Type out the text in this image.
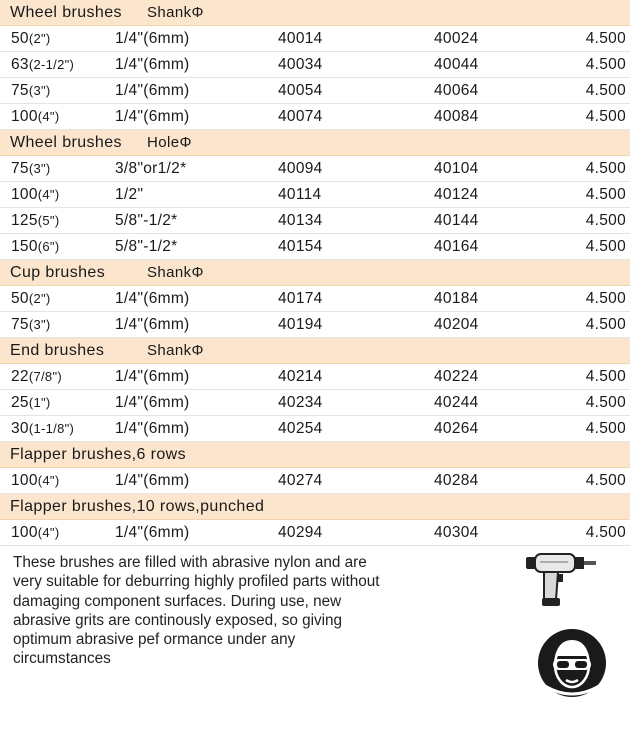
Wheel brushes ShankΦ
50(2")	1/4"(6mm)	40014	40024	4.500
63(2-1/2")	1/4"(6mm)	40034	40044	4.500
75(3")	1/4"(6mm)	40054	40064	4.500
100(4")	1/4"(6mm)	40074	40084	4.500
Wheel brushes HoleΦ
75(3")	3/8"or1/2*	40094	40104	4.500
100(4")	1/2"	40114	40124	4.500
125(5")	5/8"-1/2*	40134	40144	4.500
150(6")	5/8"-1/2*	40154	40164	4.500
Cup brushes	ShankΦ
50(2")	1/4"(6mm)	40174	40184	4.500
75(3")	1/4"(6mm)	40194	40204	4.500
End brushes	ShankΦ
22(7/8")	1/4"(6mm)	40214	40224	4.500
25(1")	1/4"(6mm)	40234	40244	4.500
30(1-1/8")	1/4"(6mm)	40254	40264	4.500
Flapper brushes,6 rows
100(4")	1/4"(6mm)	40274	40284	4.500
Flapper brushes,10 rows,punched
100(4")	1/4"(6mm)	40294	40304	4.500

These brushes are filled with abrasive nylon and are

very suitable for deburring highly profiled parts without

damaging component surfaces. During use, new

abrasive grits are continously exposed, so giving

optimum abrasive pef ormance under any

circumstances
